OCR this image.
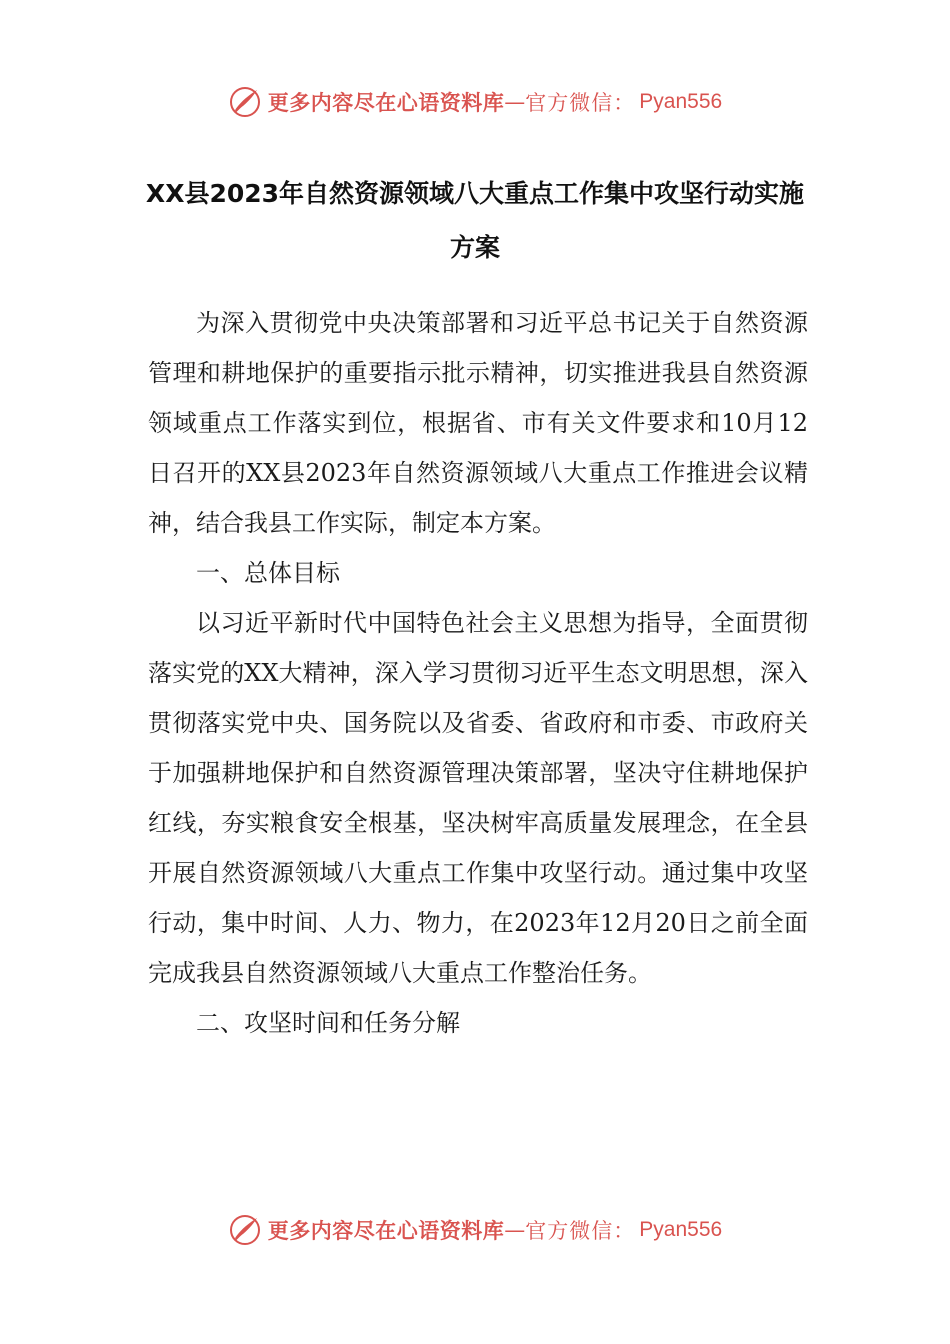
更多内容尽在心语资料库 — 官方微信： Pyan556
XX县2023年自然资源领域八大重点工作集中攻坚行动实施
方案

为深入贯彻党中央决策部署和习近平总书记关于自然资源管理和耕地保护的重要指示批示精神，切实推进我县自然资源领域重点工作落实到位，根据省、市有关文件要求和10月12日召开的XX县2023年自然资源领域八大重点工作推进会议精神，结合我县工作实际，制定本方案。

一、总体目标

以习近平新时代中国特色社会主义思想为指导，全面贯彻落实党的XX大精神，深入学习贯彻习近平生态文明思想，深入贯彻落实党中央、国务院以及省委、省政府和市委、市政府关于加强耕地保护和自然资源管理决策部署，坚决守住耕地保护红线，夯实粮食安全根基，坚决树牢高质量发展理念，在全县开展自然资源领域八大重点工作集中攻坚行动。通过集中攻坚行动，集中时间、人力、物力，在2023年12月20日之前全面完成我县自然资源领域八大重点工作整治任务。

二、攻坚时间和任务分解

更多内容尽在心语资料库 — 官方微信： Pyan556
